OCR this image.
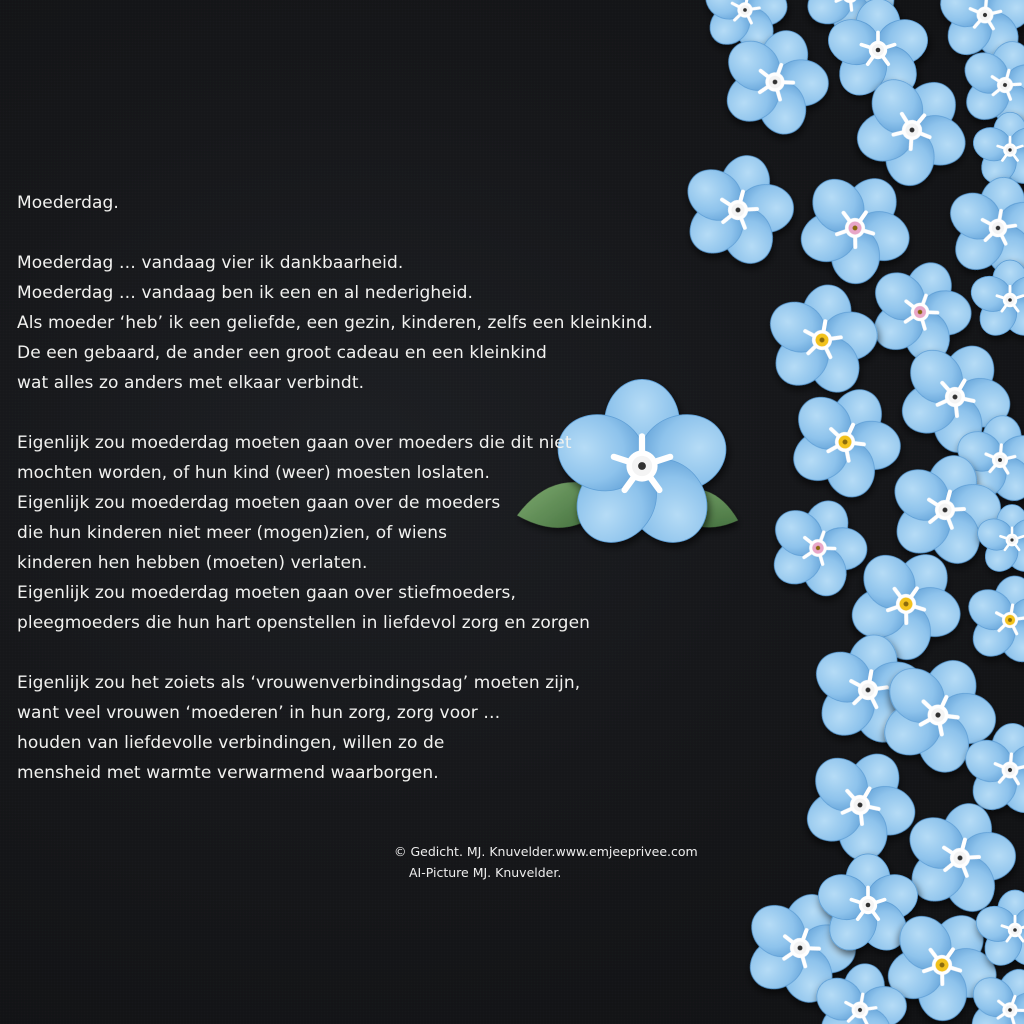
Moederdag.
Moederdag … vandaag vier ik dankbaarheid.
Moederdag … vandaag ben ik een en al nederigheid.
Als moeder ‘heb’ ik een geliefde, een gezin, kinderen, zelfs een kleinkind.
De een gebaard, de ander een groot cadeau en een kleinkind
wat alles zo anders met elkaar verbindt.
Eigenlijk zou moederdag moeten gaan over moeders die dit niet
mochten worden, of hun kind (weer) moesten loslaten.
Eigenlijk zou moederdag moeten gaan over de moeders
die hun kinderen niet meer (mogen)zien, of wiens
kinderen hen hebben (moeten) verlaten.
Eigenlijk zou moederdag moeten gaan over stiefmoeders,
pleegmoeders die hun hart openstellen in liefdevol zorg en zorgen
Eigenlijk zou het zoiets als ‘vrouwenverbindingsdag’ moeten zijn,
want veel vrouwen ‘moederen’ in hun zorg, zorg voor …
houden van liefdevolle verbindingen, willen zo de
mensheid met warmte verwarmend waarborgen.
© Gedicht. MJ. Knuvelder.www.emjeeprivee.com
AI-Picture MJ. Knuvelder.
